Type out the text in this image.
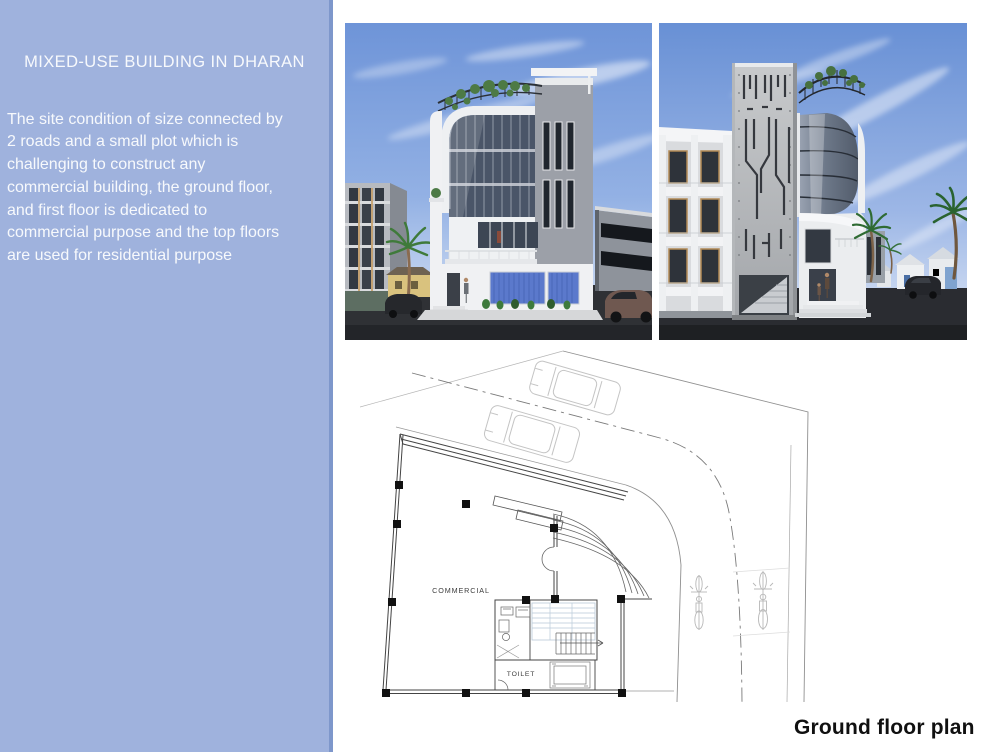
MIXED-USE BUILDING IN DHARAN

The site condition of size connected by 2 roads and a small plot which is challenging to construct any commercial building, the ground floor, and first floor is dedicated to commercial purpose and the top floors are used for residential purpose

COMMERCIAL
TOILET
Ground floor plan
